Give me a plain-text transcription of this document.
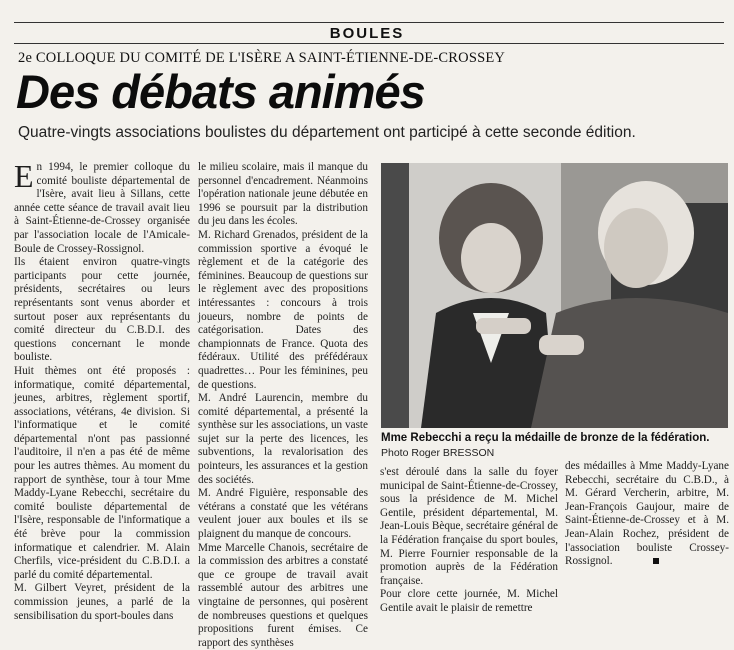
BOULES
2e COLLOQUE DU COMITÉ DE L'ISÈRE A SAINT-ÉTIENNE-DE-CROSSEY
Des débats animés
Quatre-vingts associations boulistes du département ont participé à cette seconde édition.

En 1994, le premier colloque du comité bouliste départemental de l'Isère, avait lieu à Sillans, cette année cette séance de travail avait lieu à Saint-Étienne-de-Crossey organisée par l'association locale de l'Amicale-Boule de Crossey-Rossignol.

Ils étaient environ quatre-vingts participants pour cette journée, présidents, secrétaires ou leurs représentants sont venus aborder et surtout poser aux représentants du comité directeur du C.B.D.I. des questions concernant le monde bouliste.

Huit thèmes ont été proposés : informatique, comité départemental, jeunes, arbitres, règlement sportif, associations, vétérans, 4e division. Si l'informatique et le comité départemental n'ont pas passionné l'auditoire, il n'en a pas été de même pour les autres thèmes. Au moment du rapport de synthèse, tour à tour Mme Maddy-Lyane Rebecchi, secrétaire du comité bouliste départemental de l'Isère, responsable de l'informatique a été brève pour la commission informatique et calendrier. M. Alain Cherfils, vice-président du C.B.D.I. a parlé du comité départemental.

M. Gilbert Veyret, président de la commission jeunes, a parlé de la sensibilisation du sport-boules dans

le milieu scolaire, mais il manque du personnel d'encadrement. Néanmoins l'opération nationale jeune débutée en 1996 se poursuit par la distribution du jeu dans les écoles.

M. Richard Grenados, président de la commission sportive a évoqué le règlement et de la catégorie des féminines. Beaucoup de questions sur le règlement avec des propositions intéressantes : concours à trois joueurs, nombre de points de catégorisation. Dates des championnats de France. Quota des fédéraux. Utilité des préfédéraux quadrettes… Pour les féminines, peu de questions.

M. André Laurencin, membre du comité départemental, a présenté la synthèse sur les associations, un vaste sujet sur la perte des licences, les subventions, la revalorisation des pointeurs, les assurances et la gestion des sociétés.

M. André Figuière, responsable des vétérans a constaté que les vétérans veulent jouer aux boules et ils se plaignent du manque de concours.

Mme Marcelle Chanois, secrétaire de la commission des arbitres a constaté que ce groupe de travail avait rassemblé autour des arbitres une vingtaine de personnes, qui posèrent de nombreuses questions et quelques propositions furent émises. Ce rapport des synthèses

Mme Rebecchi a reçu la médaille de bronze de la fédération.
Photo Roger BRESSON

s'est déroulé dans la salle du foyer municipal de Saint-Étienne-de-Crossey, sous la présidence de M. Michel Gentile, président départemental, M. Jean-Louis Bèque, secrétaire général de la Fédération française du sport boules, M. Pierre Fournier responsable de la promotion auprès de la Fédération française.

Pour clore cette journée, M. Michel Gentile avait le plaisir de remettre

des médailles à Mme Maddy-Lyane Rebecchi, secrétaire du C.B.D., à M. Gérard Vercherin, arbitre, M. Jean-François Gaujour, maire de Saint-Étienne-de-Crossey et à M. Jean-Alain Rochez, président de l'association bouliste Crossey-Rossignol.
